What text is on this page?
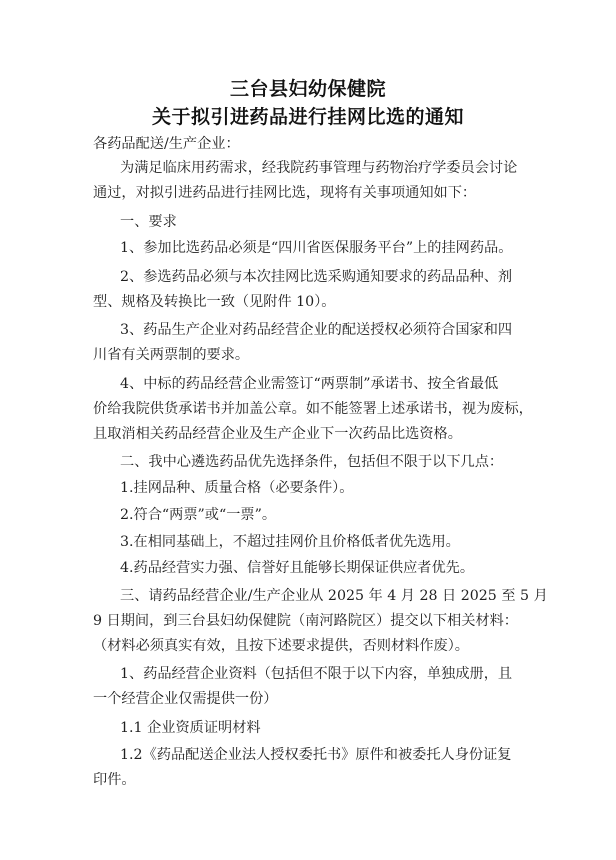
三台县妇幼保健院
关于拟引进药品进行挂网比选的通知
各药品配送/生产企业：
为满足临床用药需求，经我院药事管理与药物治疗学委员会讨论
通过，对拟引进药品进行挂网比选，现将有关事项通知如下：
一、要求
1、参加比选药品必须是“四川省医保服务平台”上的挂网药品。
2、参选药品必须与本次挂网比选采购通知要求的药品品种、剂
型、规格及转换比一致（见附件 10）。
3、药品生产企业对药品经营企业的配送授权必须符合国家和四
川省有关两票制的要求。
4、中标的药品经营企业需签订“两票制”承诺书、按全省最低
价给我院供货承诺书并加盖公章。如不能签署上述承诺书，视为废标，
且取消相关药品经营企业及生产企业下一次药品比选资格。
二、我中心遴选药品优先选择条件，包括但不限于以下几点：
1.挂网品种、质量合格（必要条件）。
2.符合“两票”或“一票”。
3.在相同基础上，不超过挂网价且价格低者优先选用。
4.药品经营实力强、信誉好且能够长期保证供应者优先。
三、请药品经营企业/生产企业从 2025 年 4 月 28 日 2025 至 5 月
9 日期间，到三台县妇幼保健院（南河路院区）提交以下相关材料：
（材料必须真实有效，且按下述要求提供，否则材料作废）。
1、药品经营企业资料（包括但不限于以下内容，单独成册，且
一个经营企业仅需提供一份）
1.1 企业资质证明材料
1.2《药品配送企业法人授权委托书》原件和被委托人身份证复
印件。
